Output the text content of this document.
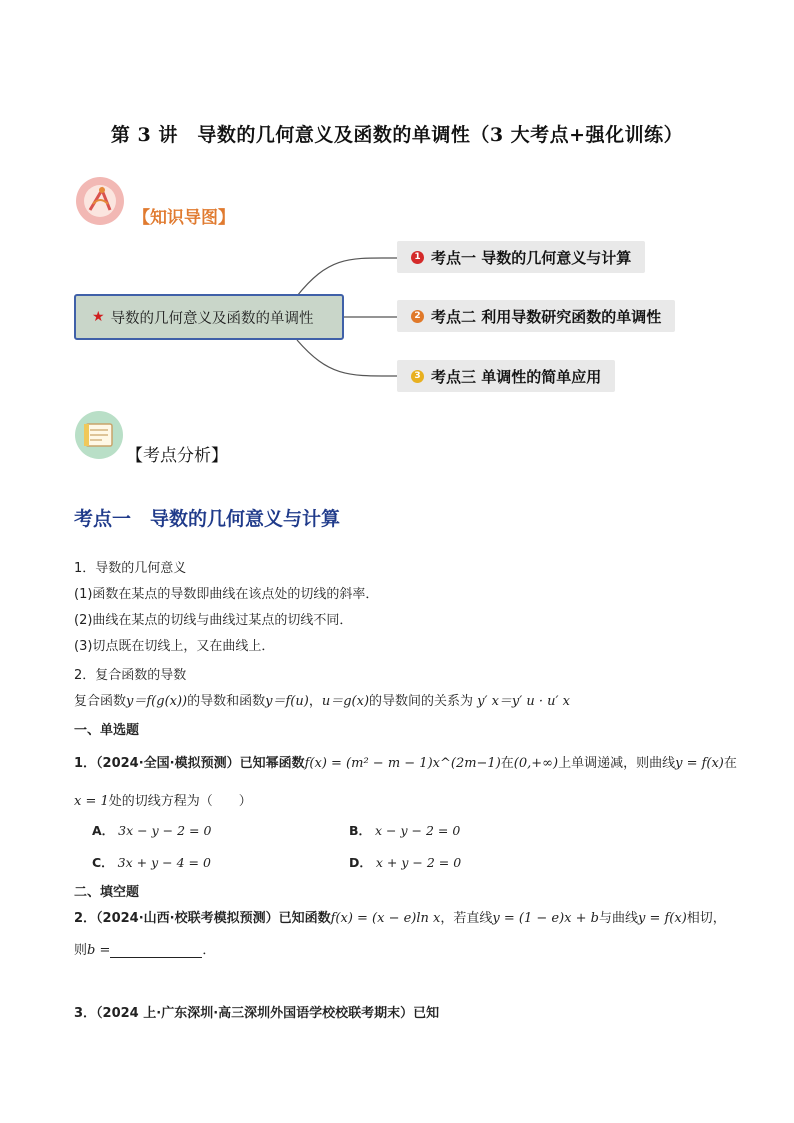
第 3 讲　导数的几何意义及函数的单调性（3 大考点+强化训练）
【知识导图】
★ 导数的几何意义及函数的单调性
1 考点一 导数的几何意义与计算
2 考点二 利用导数研究函数的单调性
3 考点三 单调性的简单应用
【考点分析】
考点一　导数的几何意义与计算
1．导数的几何意义
(1)函数在某点的导数即曲线在该点处的切线的斜率．
(2)曲线在某点的切线与曲线过某点的切线不同．
(3)切点既在切线上，又在曲线上．
2．复合函数的导数
复合函数y＝f(g(x))的导数和函数y＝f(u)，u＝g(x)的导数间的关系为 y′ x＝y′ u · u′ x
一、单选题
1．（2024·全国·模拟预测）已知幂函数f(x) = (m² − m − 1)x^(2m−1)在(0,+∞)上单调递减，则曲线y = f(x)在
x = 1处的切线方程为（　　）
A． 3x − y − 2 = 0	B． x − y − 2 = 0
C． 3x + y − 4 = 0	D． x + y − 2 = 0
二、填空题
2．（2024·山西·校联考模拟预测）已知函数f(x) = (x − e)ln x，若直线y = (1 − e)x + b与曲线y = f(x)相切，
则b =	．
3．（2024 上·广东深圳·高三深圳外国语学校校联考期末）已知
